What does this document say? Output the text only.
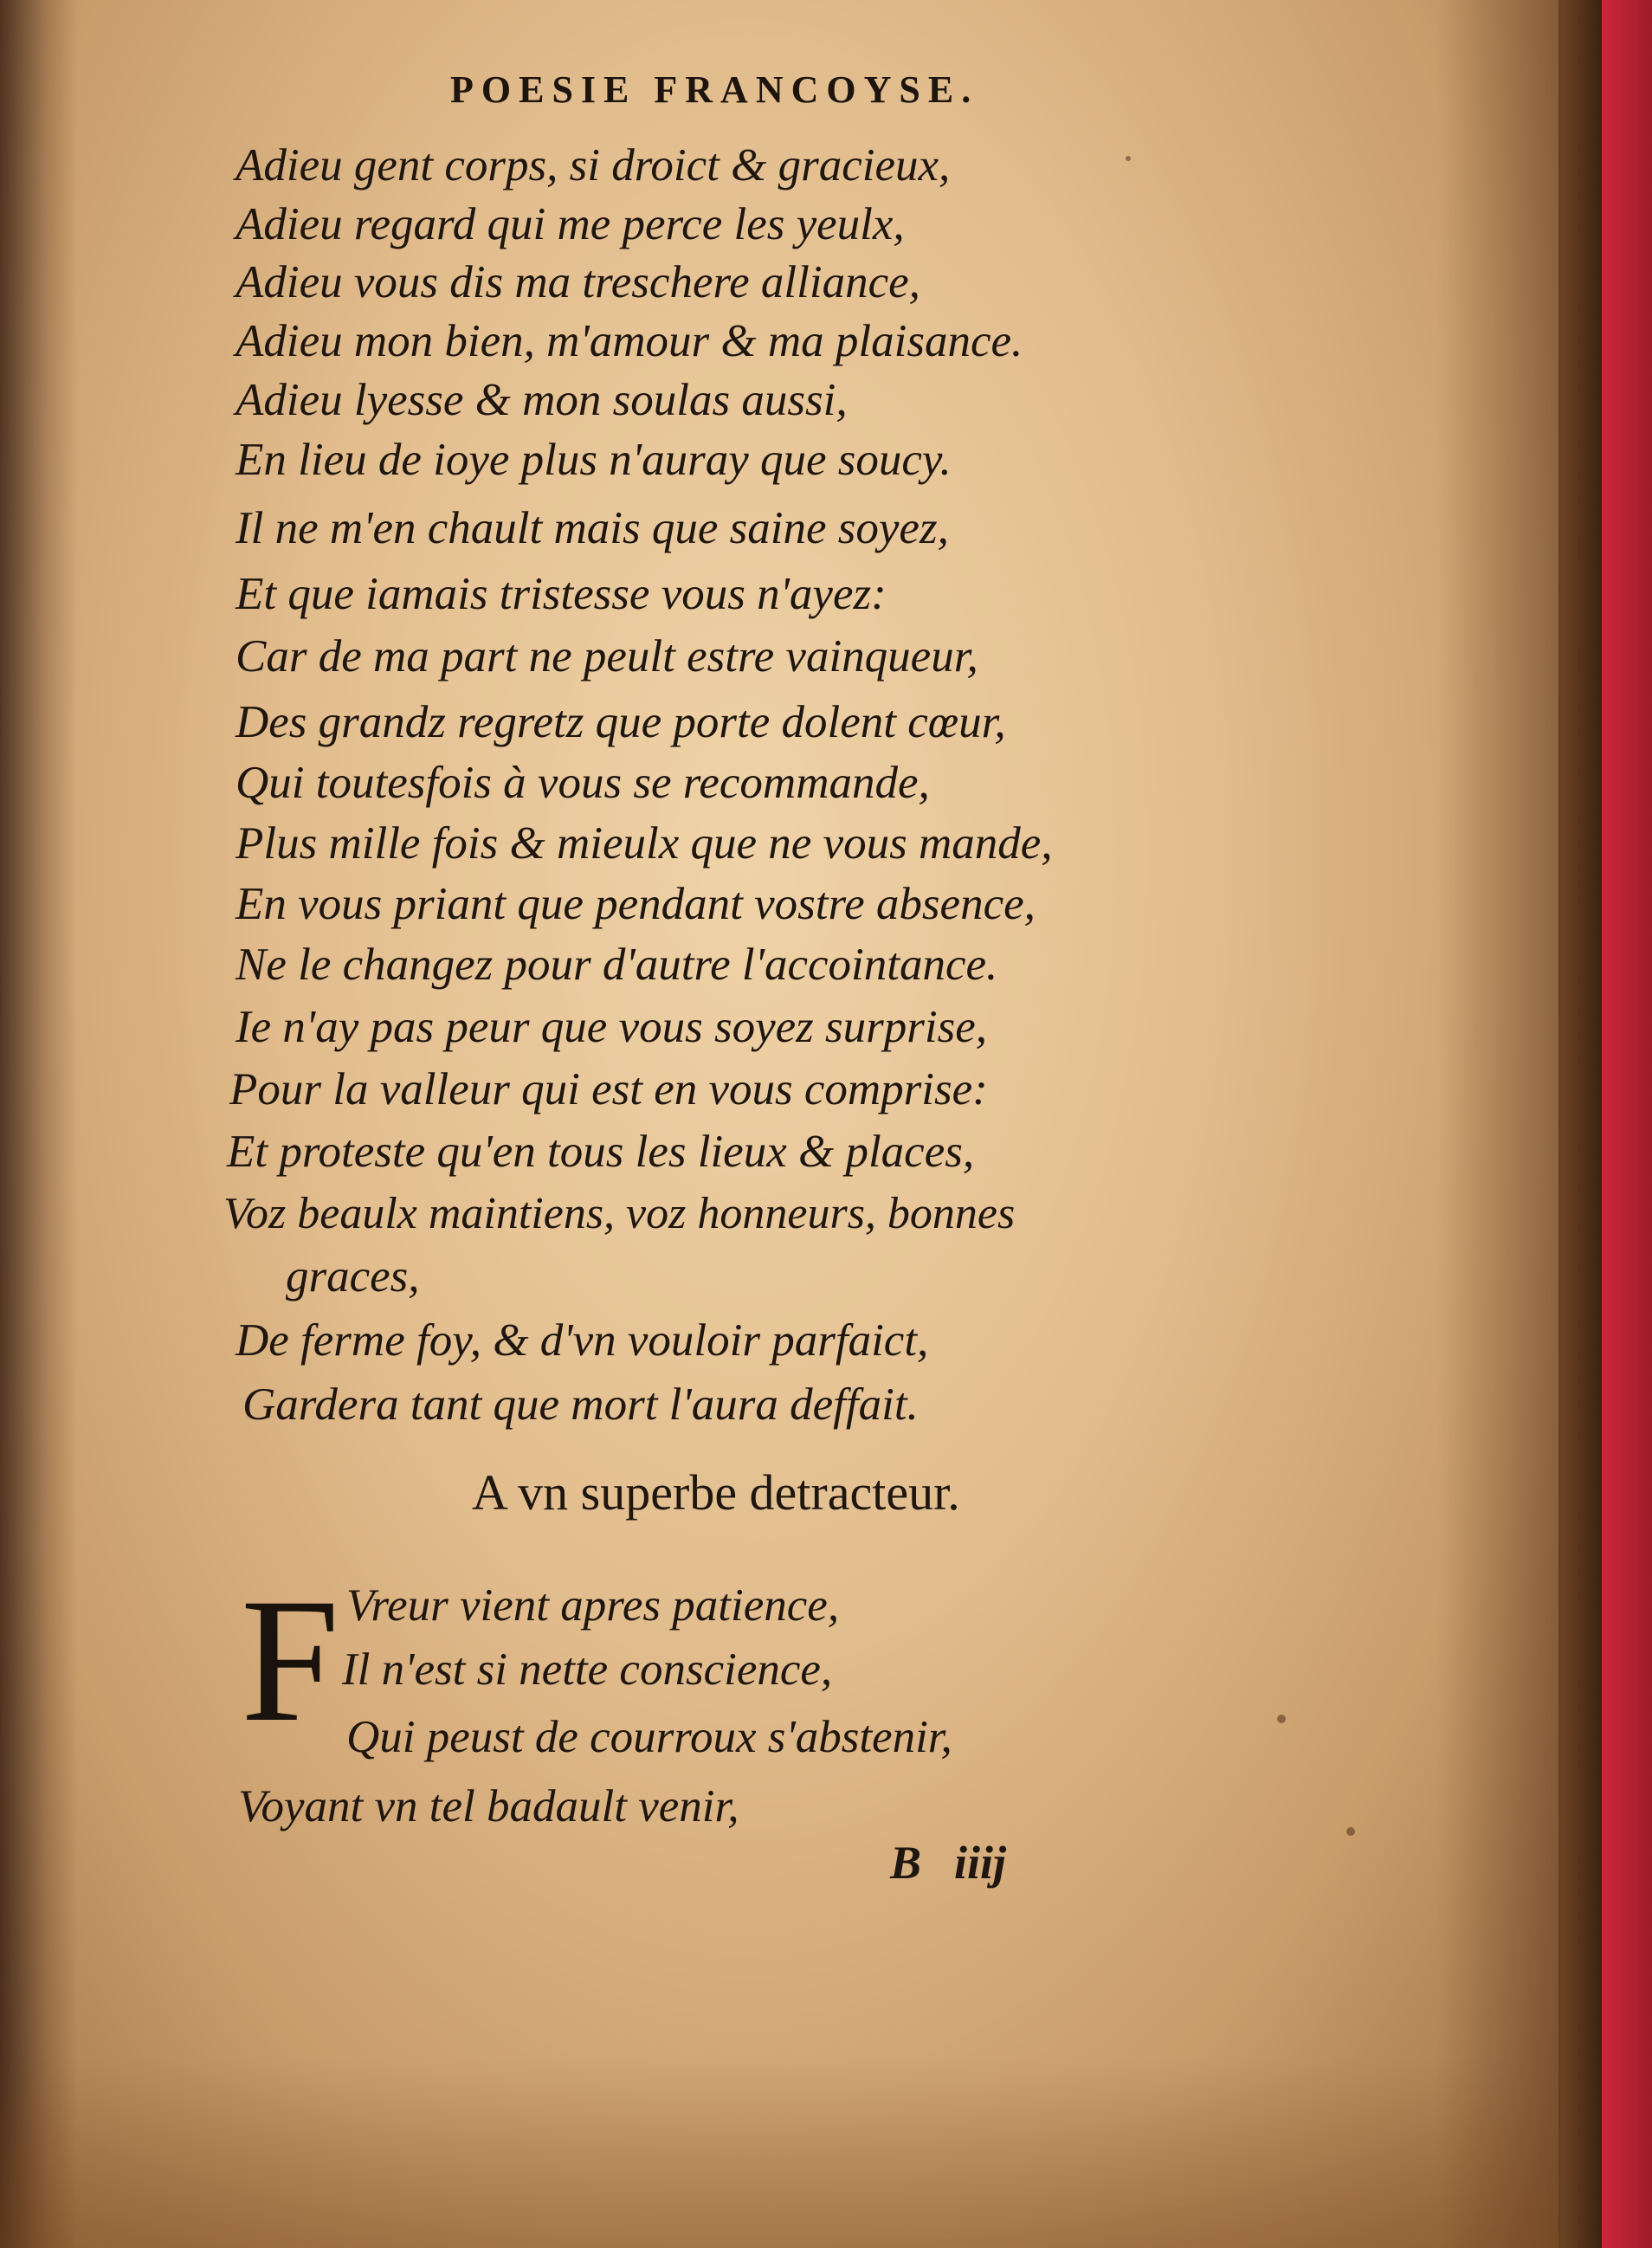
POESIE FRANCOYSE.
Adieu gent corps, si droict & gracieux,
Adieu regard qui me perce les yeulx,
Adieu vous dis ma treschere alliance,
Adieu mon bien, m'amour & ma plaisance.
Adieu lyesse & mon soulas aussi,
En lieu de ioye plus n'auray que soucy.
Il ne m'en chault mais que saine soyez,
Et que iamais tristesse vous n'ayez:
Car de ma part ne peult estre vainqueur,
Des grandz regretz que porte dolent cœur,
Qui toutesfois à vous se recommande,
Plus mille fois & mieulx que ne vous mande,
En vous priant que pendant vostre absence,
Ne le changez pour d'autre l'accointance.
Ie n'ay pas peur que vous soyez surprise,
Pour la valleur qui est en vous comprise:
Et proteste qu'en tous les lieux & places,
Voz beaulx maintiens, voz honneurs, bonnes
graces,
De ferme foy, & d'vn vouloir parfaict,
Gardera tant que mort l'aura deffait.
A vn superbe detracteur.
F Vreur vient apres patience,
Il n'est si nette conscience,
Qui peust de courroux s'abstenir,
Voyant vn tel badault venir,
B iiij
